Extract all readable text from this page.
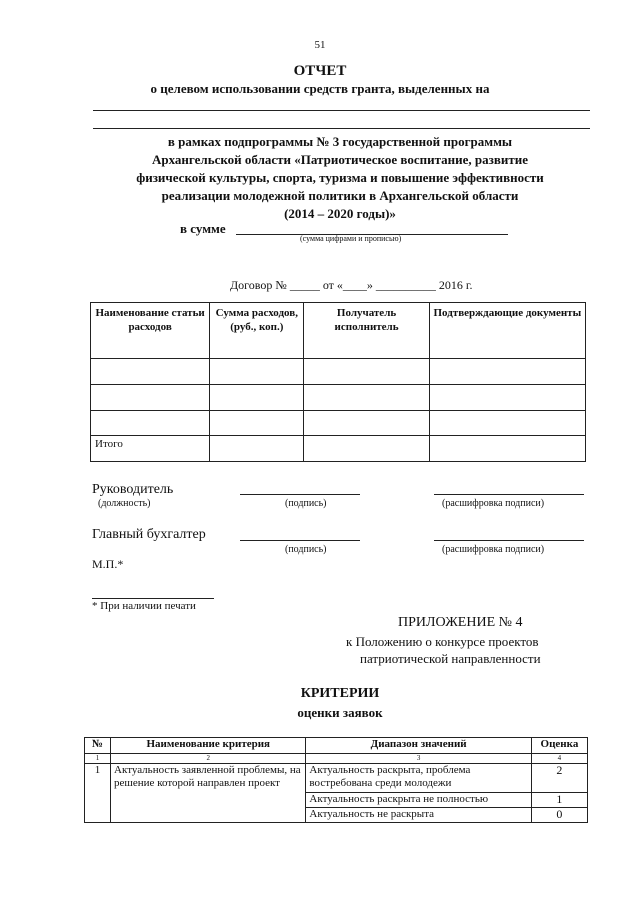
51
ОТЧЕТ
о целевом использовании средств гранта, выделенных на
в рамках подпрограммы № 3 государственной программы
Архангельской области «Патриотическое воспитание, развитие
физической культуры, спорта, туризма и повышение эффективности
реализации молодежной политики в Архангельской области
(2014 – 2020 годы)»
в сумме
(сумма цифрами и прописью)
Договор № _____ от «____» __________ 2016 г.
Наименование статьи расходов	Сумма расходов, (руб., коп.)	Получатель исполнитель	Подтверждающие документы

Итого			
Руководитель
(должность)	(подпись)	(расшифровка подписи)
Главный бухгалтер
(подпись)	(расшифровка подписи)
М.П.*
* При наличии печати
ПРИЛОЖЕНИЕ № 4
к Положению о конкурсе проектов
патриотической направленности
КРИТЕРИИ
оценки заявок
№	Наименование критерия	Диапазон значений	Оценка
1	2	3	4
1	Актуальность заявленной проблемы, на решение которой направлен проект	Актуальность раскрыта, проблема востребована среди молодежи	2
		Актуальность раскрыта не полностью	1
		Актуальность не раскрыта	0
